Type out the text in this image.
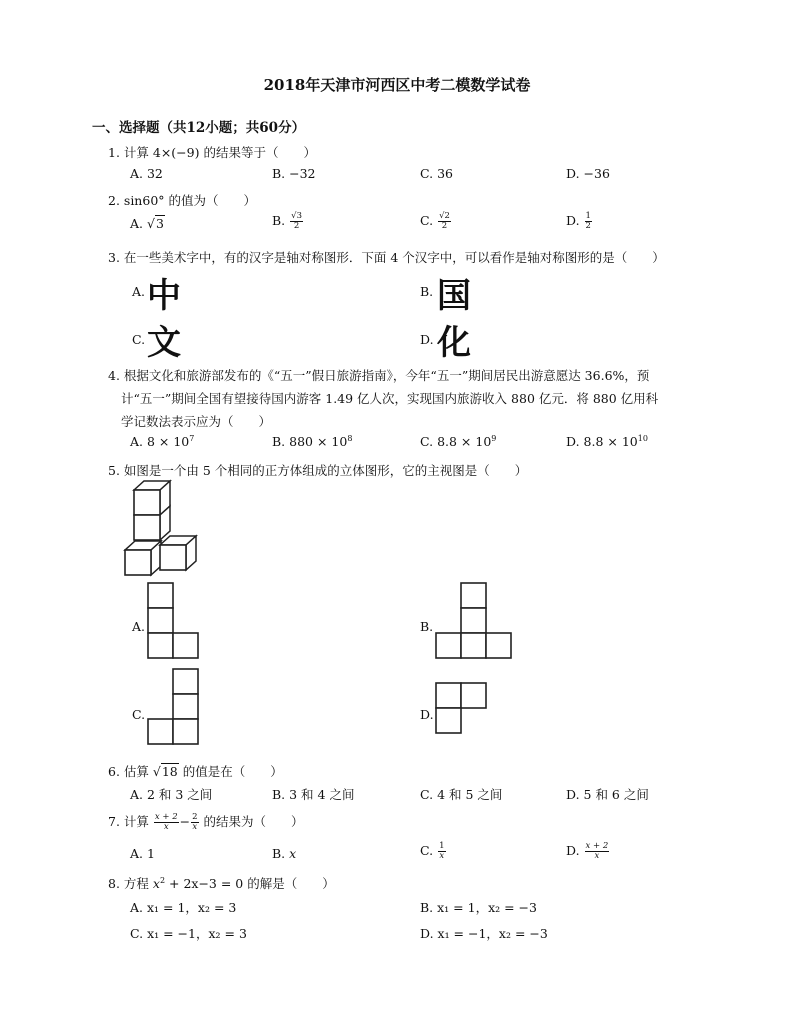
2018年天津市河西区中考二模数学试卷
一、选择题（共12小题；共60分）
1. 计算 4×(−9) 的结果等于（　　）
A. 32	B. −32	C. 36	D. −36
2. sin60° 的值为（　　）
A. √3	B. $\frac{√3}{2}$	C. $\frac{√2}{2}$	D. $\frac{1}{2}$
3. 在一些美术字中，有的汉字是轴对称图形．下面 4 个汉字中，可以看作是轴对称图形的是（　　）
A. 中	B. 国
C. 文	D. 化
4. 根据文化和旅游部发布的《“五一”假日旅游指南》，今年“五一”期间居民出游意愿达 36.6%，预
计“五一”期间全国有望接待国内游客 1.49 亿人次，实现国内旅游收入 880 亿元．将 880 亿用科
学记数法表示应为（　　）
A. $8 \times 10^7$	B. $880 \times 10^8$	C. $8.8 \times 10^9$	D. $8.8 \times 10^{10}$
5. 如图是一个由 5 个相同的正方体组成的立体图形，它的主视图是（　　）
A.	B.
C.	D.
6. 估算 √18 的值是在（　　）
A. 2 和 3 之间	B. 3 和 4 之间	C. 4 和 5 之间	D. 5 和 6 之间
7. 计算 $\frac{x + 2}{x} - \frac{2}{x}$ 的结果为（　　）
A. 1	B. x	C. $\frac{1}{x}$	D. $\frac{x + 2}{x}$
8. 方程 $x^2 + 2x-3 = 0$ 的解是（　　）
A. x₁ = 1，x₂ = 3	B. x₁ = 1，x₂ = −3
C. x₁ = −1，x₂ = 3	D. x₁ = −1，x₂ = −3
